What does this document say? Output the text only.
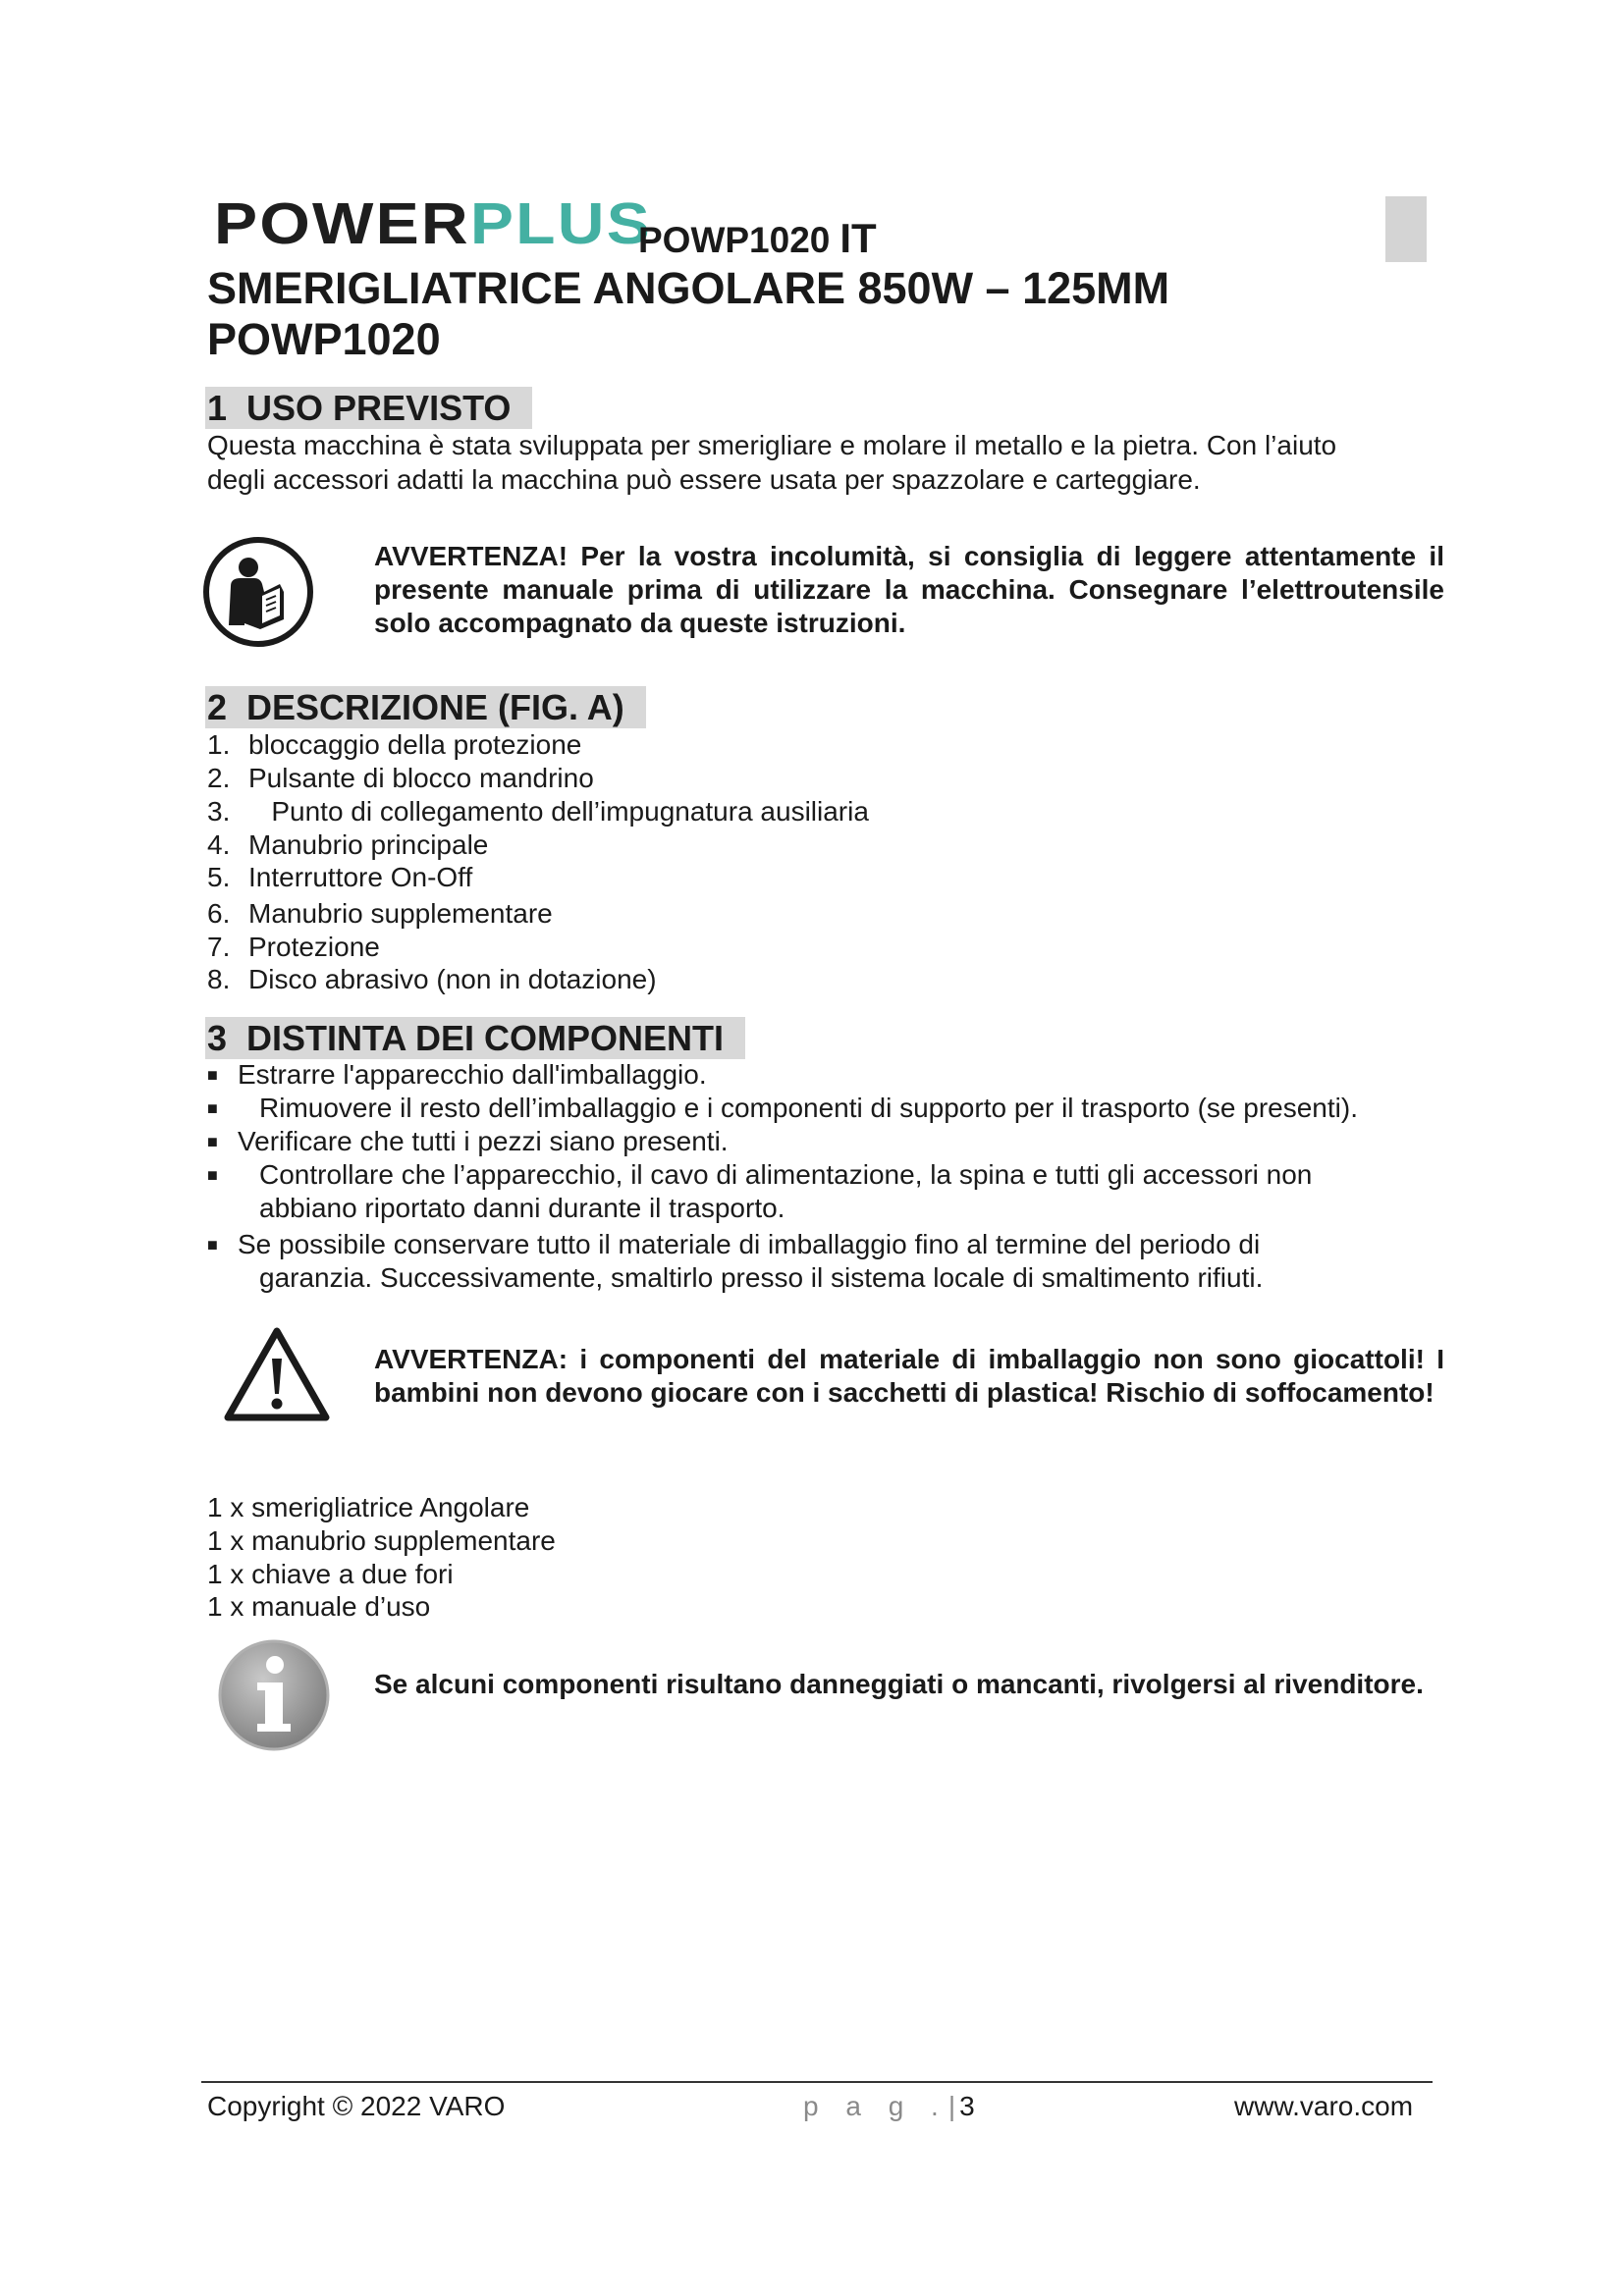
POWERPLUS
POWP1020 IT
SMERIGLIATRICE ANGOLARE 850W – 125MM
POWP1020
1 USO PREVISTO
Questa macchina è stata sviluppata per smerigliare e molare il metallo e la pietra. Con l’aiuto
degli accessori adatti la macchina può essere usata per spazzolare e carteggiare.
AVVERTENZA! Per la vostra incolumità, si consiglia di leggere attentamente il presente manuale prima di utilizzare la macchina. Consegnare l’elettroutensile solo accompagnato da queste istruzioni.
2 DESCRIZIONE (FIG. A)
1. bloccaggio della protezione
2. Pulsante di blocco mandrino
3.   Punto di collegamento dell’impugnatura ausiliaria
4. Manubrio principale
5. Interruttore On-Off
6. Manubrio supplementare
7. Protezione
8. Disco abrasivo (non in dotazione)
3 DISTINTA DEI COMPONENTI
■ Estrarre l'apparecchio dall'imballaggio.
■ Rimuovere il resto dell’imballaggio e i componenti di supporto per il trasporto (se presenti).
■ Verificare che tutti i pezzi siano presenti.
■ Controllare che l’apparecchio, il cavo di alimentazione, la spina e tutti gli accessori non
abbiano riportato danni durante il trasporto.
■ Se possibile conservare tutto il materiale di imballaggio fino al termine del periodo di
garanzia. Successivamente, smaltirlo presso il sistema locale di smaltimento rifiuti.
AVVERTENZA: i componenti del materiale di imballaggio non sono giocattoli! I bambini non devono giocare con i sacchetti di plastica! Rischio di soffocamento!
1 x smerigliatrice Angolare
1 x manubrio supplementare
1 x chiave a due fori
1 x manuale d’uso
Se alcuni componenti risultano danneggiati o mancanti, rivolgersi al rivenditore.
Copyright © 2022 VARO	p a g .| 3	www.varo.com
